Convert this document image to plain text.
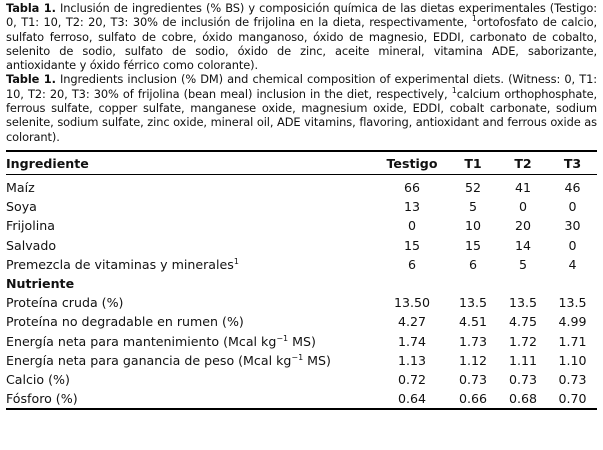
Tabla 1. Inclusión de ingredientes (% BS) y composición química de las dietas experimentales (Testigo: 0, T1: 10, T2: 20, T3: 30% de inclusión de frijolina en la dieta, respectivamente, $^1$ortofosfato de calcio, sulfato ferroso, sulfato de cobre, óxido manganoso, óxido de magnesio, EDDI, carbonato de cobalto, selenito de sodio, sulfato de sodio, óxido de zinc, aceite mineral, vitamina ADE, saborizante, antioxidante y óxido férrico como colorante).

Table 1. Ingredients inclusion (% DM) and chemical composition of experimental diets. (Witness: 0, T1: 10, T2: 20, T3: 30% of frijolina (bean meal) inclusion in the diet, respectively, $^1$calcium orthophosphate, ferrous sulfate, copper sulfate, manganese oxide, magnesium oxide, EDDI, cobalt carbonate, sodium selenite, sodium sulfate, zinc oxide, mineral oil, ADE vitamins, flavoring, antioxidant and ferrous oxide as colorant).

Ingrediente	Testigo	T1	T2	T3
Maíz	66	52	41	46
Soya	13	5	0	0
Frijolina	0	10	20	30
Salvado	15	15	14	0
Premezcla de vitaminas y minerales$^1$	6	6	5	4
Nutriente				
Proteína cruda (%)	13.50	13.5	13.5	13.5
Proteína no degradable en rumen (%)	4.27	4.51	4.75	4.99
Energía neta para mantenimiento (Mcal $kg^{-1}$ MS)	1.74	1.73	1.72	1.71
Energía neta para ganancia de peso (Mcal $kg^{-1}$ MS)	1.13	1.12	1.11	1.10
Calcio (%)	0.72	0.73	0.73	0.73
Fósforo (%)	0.64	0.66	0.68	0.70
